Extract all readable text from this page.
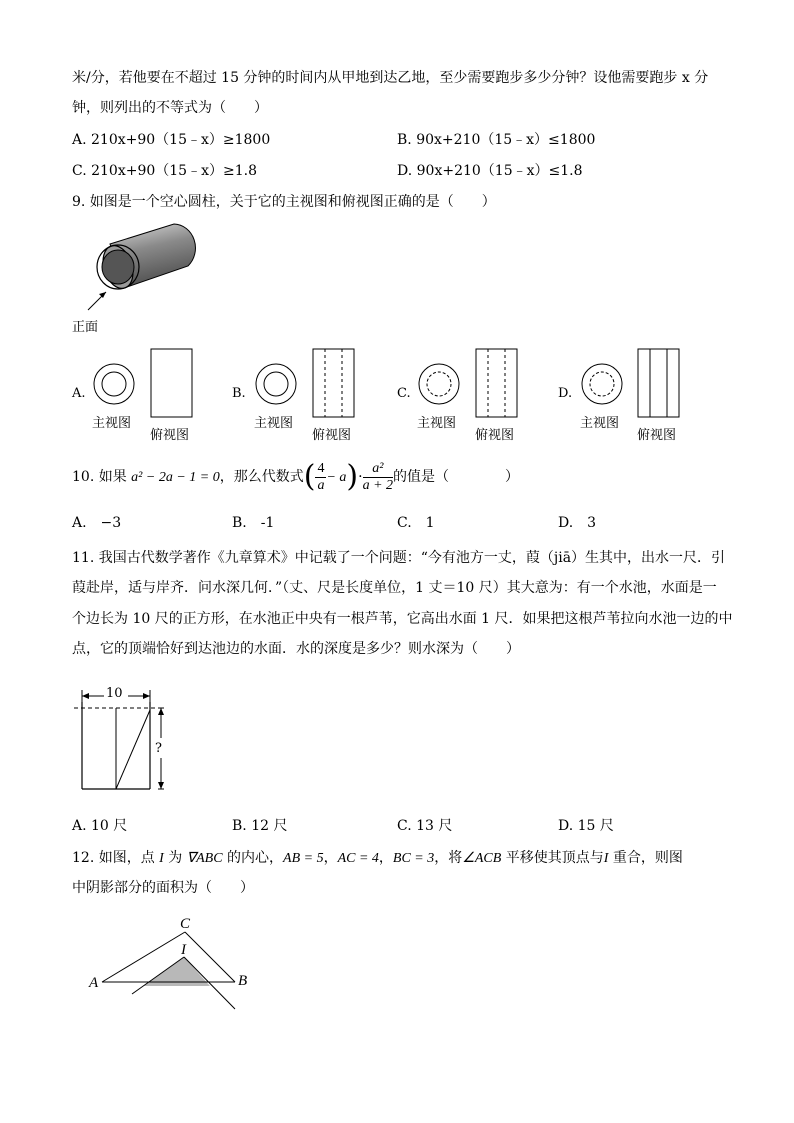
米/分，若他要在不超过 15 分钟的时间内从甲地到达乙地，至少需要跑步多少分钟？设他需要跑步 x 分
钟，则列出的不等式为（　　）
A. 210x+90（15﹣x）≥1800	B. 90x+210（15﹣x）≤1800
C. 210x+90（15﹣x）≥1.8	D. 90x+210（15﹣x）≤1.8
9. 如图是一个空心圆柱，关于它的主视图和俯视图正确的是（　　）
正面
A.
主视图
俯视图
B.
主视图
俯视图
C.
主视图
俯视图
D.
主视图
俯视图
10. 如果 a² − 2a − 1 = 0，那么代数式( $\frac{4}{a} - a)\cdot \frac{\text{a²}}{a + 2}$ 的值是（　　　　）
A.　−3	B.　-1	C.　1	D.　3
11. 我国古代数学著作《九章算术》中记载了一个问题：“今有池方一丈，葭（jiā）生其中，出水一尺．引
葭赴岸，适与岸齐．问水深几何．”（丈、尺是长度单位，1 丈＝10 尺）其大意为：有一个水池，水面是一
个边长为 10 尺的正方形，在水池正中央有一根芦苇，它高出水面 1 尺．如果把这根芦苇拉向水池一边的中
点，它的顶端恰好到达池边的水面．水的深度是多少？则水深为（　　）
10
?
A. 10 尺	B. 12 尺	C. 13 尺	D. 15 尺
12. 如图，点 I 为 ∇ABC 的内心，AB = 5，AC = 4，BC = 3，将∠ACB 平移使其顶点与I 重合，则图
中阴影部分的面积为（　　）
C
I
A	B
